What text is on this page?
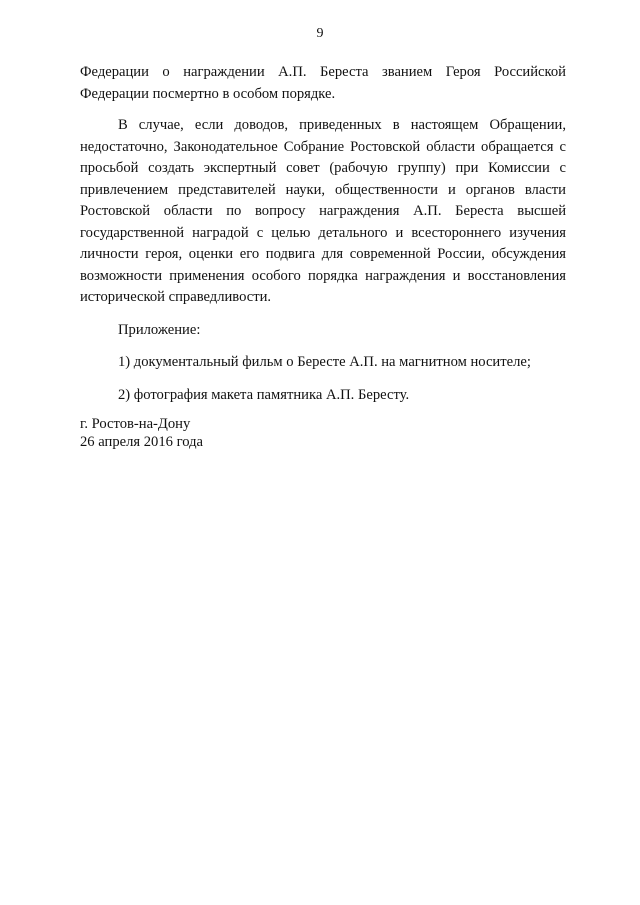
9

Федерации о награждении А.П. Береста званием Героя Российской Федерации посмертно в особом порядке.

В случае, если доводов, приведенных в настоящем Обращении, недостаточно, Законодательное Собрание Ростовской области обращается с просьбой создать экспертный совет (рабочую группу) при Комиссии с привлечением представителей науки, общественности и органов власти Ростовской области по вопросу награждения А.П. Береста высшей государственной наградой с целью детального и всестороннего изучения личности героя, оценки его подвига для современной России, обсуждения возможности применения особого порядка награждения и восстановления исторической справедливости.

Приложение:

1) документальный фильм о Бересте А.П. на магнитном носителе;

2) фотография макета памятника А.П. Бересту.

г. Ростов-на-Дону
26 апреля 2016 года
